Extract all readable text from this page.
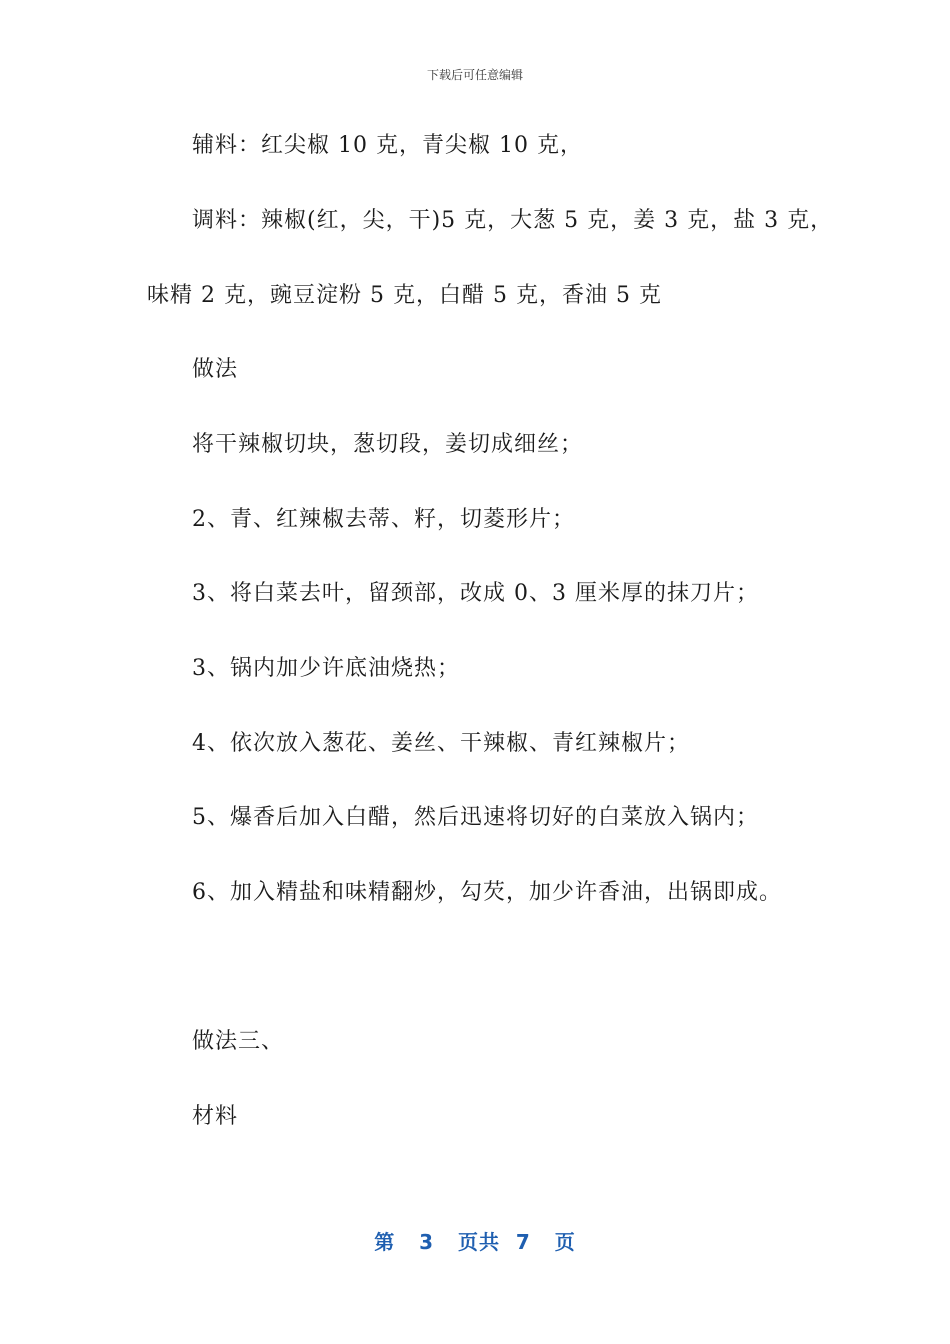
下载后可任意编辑
辅料：红尖椒 10 克，青尖椒 10 克，
调料：辣椒(红，尖，干)5 克，大葱 5 克，姜 3 克，盐 3 克，
味精 2 克，豌豆淀粉 5 克，白醋 5 克，香油 5 克
做法
将干辣椒切块，葱切段，姜切成细丝；
2、青、红辣椒去蒂、籽，切菱形片；
3、将白菜去叶，留颈部，改成 0、3 厘米厚的抹刀片；
3、锅内加少许底油烧热；
4、依次放入葱花、姜丝、干辣椒、青红辣椒片；
5、爆香后加入白醋，然后迅速将切好的白菜放入锅内；
6、加入精盐和味精翻炒，勾芡，加少许香油，出锅即成。
做法三、
材料
第 3 页共 7 页
